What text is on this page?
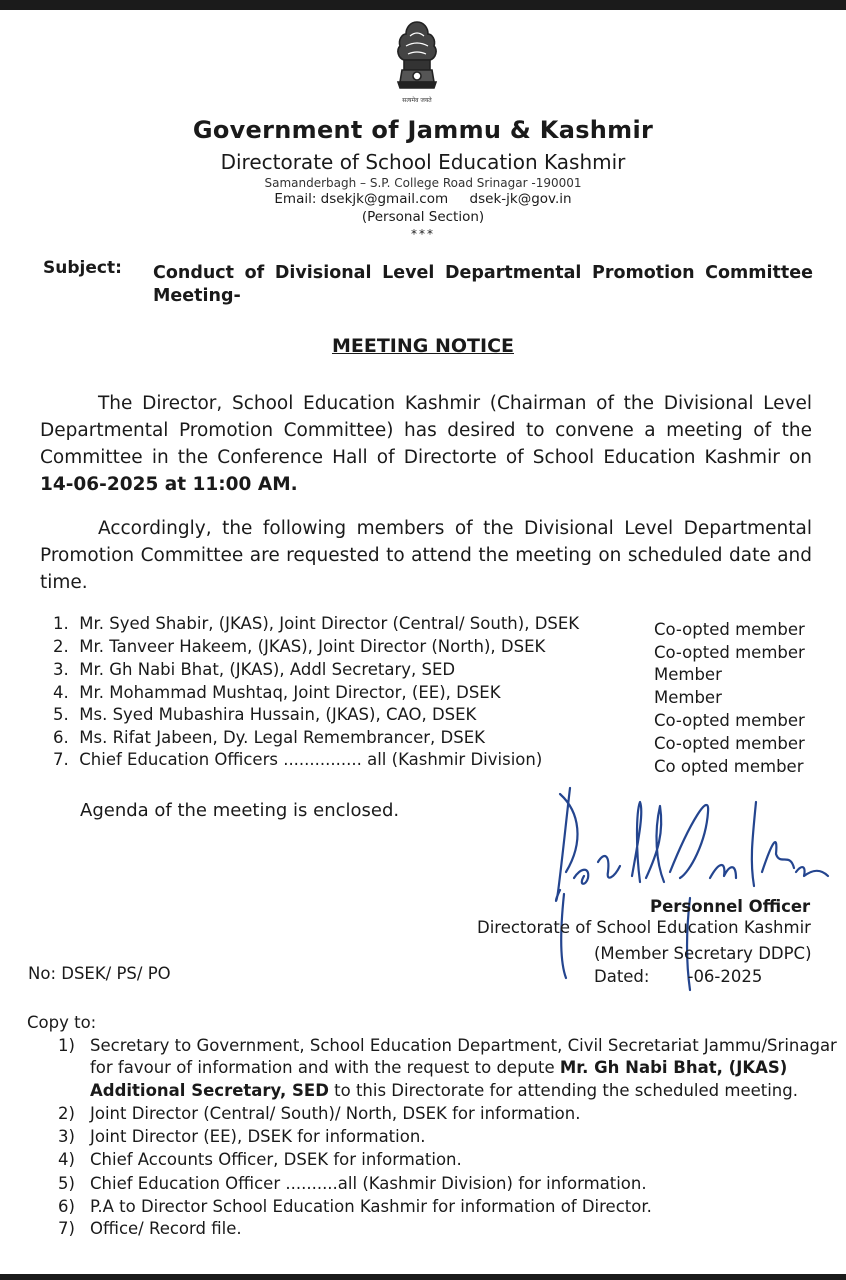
सत्यमेव जयते
Government of Jammu & Kashmir
Directorate of School Education Kashmir
Samanderbagh – S.P. College Road Srinagar -190001
Email: dsekjk@gmail.com     dsek-jk@gov.in
(Personal Section)
***
Subject: Conduct of Divisional Level Departmental Promotion Committee
Meeting-
MEETING NOTICE
The Director, School Education Kashmir (Chairman of the Divisional Level Departmental Promotion Committee) has desired to convene a meeting of the Committee in the Conference Hall of Directorte of School Education Kashmir on 14-06-2025 at 11:00 AM.
Accordingly, the following members of the Divisional Level Departmental Promotion Committee are requested to attend the meeting on scheduled date and time.
1. Mr. Syed Shabir, (JKAS), Joint Director (Central/ South), DSEK	Co-opted member
2. Mr. Tanveer Hakeem, (JKAS), Joint Director (North), DSEK	Co-opted member
3. Mr. Gh Nabi Bhat, (JKAS), Addl Secretary, SED	Member
4. Mr. Mohammad Mushtaq, Joint Director, (EE), DSEK	Member
5. Ms. Syed Mubashira Hussain, (JKAS), CAO, DSEK	Co-opted member
6. Ms. Rifat Jabeen, Dy. Legal Remembrancer, DSEK	Co-opted member
7. Chief Education Officers ............... all (Kashmir Division)	Co opted member
Agenda of the meeting is enclosed.
Personnel Officer
Directorate of School Education Kashmir
(Member Secretary DDPC)
Dated: -06-2025
No: DSEK/ PS/ PO
Copy to:
1) Secretary to Government, School Education Department, Civil Secretariat Jammu/Srinagar
for favour of information and with the request to depute Mr. Gh Nabi Bhat, (JKAS)
Additional Secretary, SED to this Directorate for attending the scheduled meeting.
2) Joint Director (Central/ South)/ North, DSEK for information.
3) Joint Director (EE), DSEK for information.
4) Chief Accounts Officer, DSEK for information.
5) Chief Education Officer ..........all (Kashmir Division) for information.
6) P.A to Director School Education Kashmir for information of Director.
7) Office/ Record file.
